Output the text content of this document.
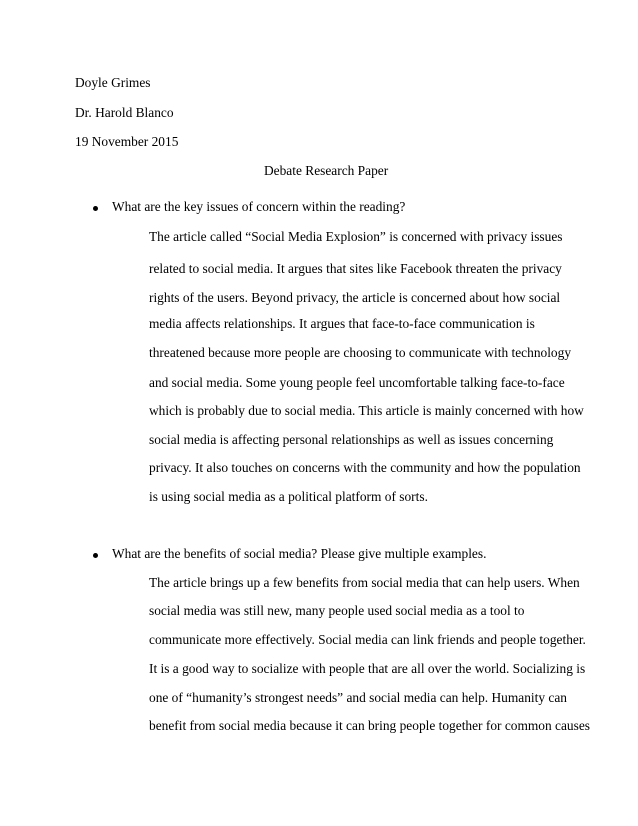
Doyle Grimes
Dr. Harold Blanco
19 November 2015
Debate Research Paper
What are the key issues of concern within the reading?
The article called “Social Media Explosion” is concerned with privacy issues
related to social media. It argues that sites like Facebook threaten the privacy
rights of the users. Beyond privacy, the article is concerned about how social
media affects relationships. It argues that face-to-face communication is
threatened because more people are choosing to communicate with technology
and social media. Some young people feel uncomfortable talking face-to-face
which is probably due to social media. This article is mainly concerned with how
social media is affecting personal relationships as well as issues concerning
privacy. It also touches on concerns with the community and how the population
is using social media as a political platform of sorts.
What are the benefits of social media? Please give multiple examples.
The article brings up a few benefits from social media that can help users. When
social media was still new, many people used social media as a tool to
communicate more effectively. Social media can link friends and people together.
It is a good way to socialize with people that are all over the world. Socializing is
one of “humanity’s strongest needs” and social media can help. Humanity can
benefit from social media because it can bring people together for common causes
